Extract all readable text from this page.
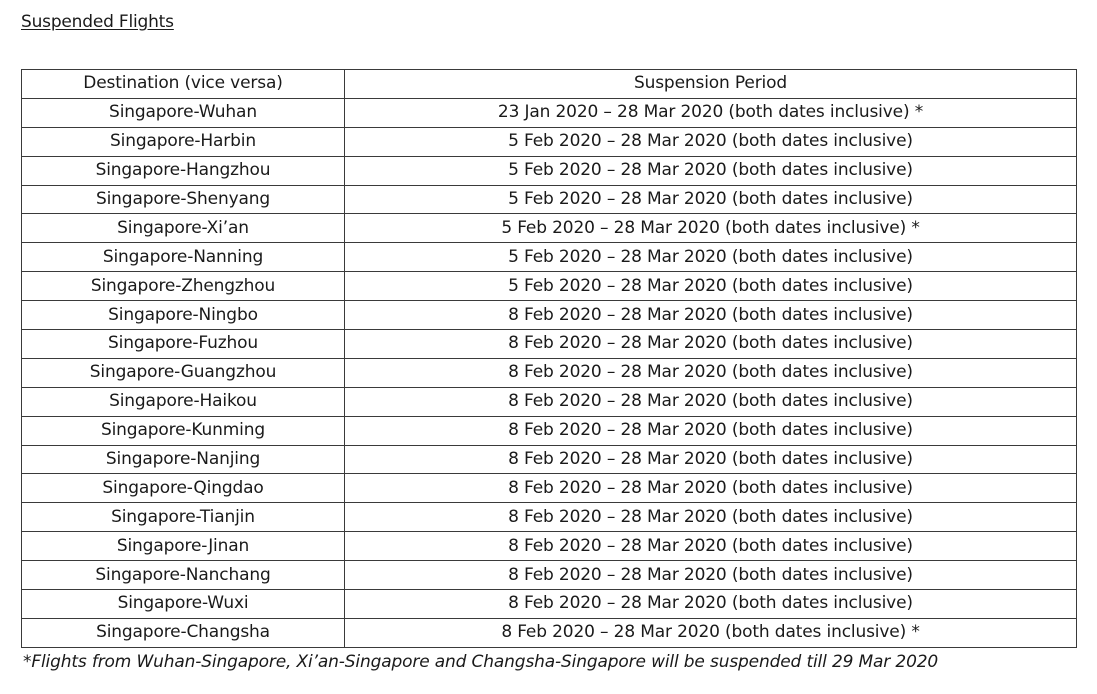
Suspended Flights
Destination (vice versa)	Suspension Period
Singapore-Wuhan	23 Jan 2020 – 28 Mar 2020 (both dates inclusive) *
Singapore-Harbin	5 Feb 2020 – 28 Mar 2020 (both dates inclusive)
Singapore-Hangzhou	5 Feb 2020 – 28 Mar 2020 (both dates inclusive)
Singapore-Shenyang	5 Feb 2020 – 28 Mar 2020 (both dates inclusive)
Singapore-Xi’an	5 Feb 2020 – 28 Mar 2020 (both dates inclusive) *
Singapore-Nanning	5 Feb 2020 – 28 Mar 2020 (both dates inclusive)
Singapore-Zhengzhou	5 Feb 2020 – 28 Mar 2020 (both dates inclusive)
Singapore-Ningbo	8 Feb 2020 – 28 Mar 2020 (both dates inclusive)
Singapore-Fuzhou	8 Feb 2020 – 28 Mar 2020 (both dates inclusive)
Singapore-Guangzhou	8 Feb 2020 – 28 Mar 2020 (both dates inclusive)
Singapore-Haikou	8 Feb 2020 – 28 Mar 2020 (both dates inclusive)
Singapore-Kunming	8 Feb 2020 – 28 Mar 2020 (both dates inclusive)
Singapore-Nanjing	8 Feb 2020 – 28 Mar 2020 (both dates inclusive)
Singapore-Qingdao	8 Feb 2020 – 28 Mar 2020 (both dates inclusive)
Singapore-Tianjin	8 Feb 2020 – 28 Mar 2020 (both dates inclusive)
Singapore-Jinan	8 Feb 2020 – 28 Mar 2020 (both dates inclusive)
Singapore-Nanchang	8 Feb 2020 – 28 Mar 2020 (both dates inclusive)
Singapore-Wuxi	8 Feb 2020 – 28 Mar 2020 (both dates inclusive)
Singapore-Changsha	8 Feb 2020 – 28 Mar 2020 (both dates inclusive) *
*Flights from Wuhan-Singapore, Xi’an-Singapore and Changsha-Singapore will be suspended till 29 Mar 2020
